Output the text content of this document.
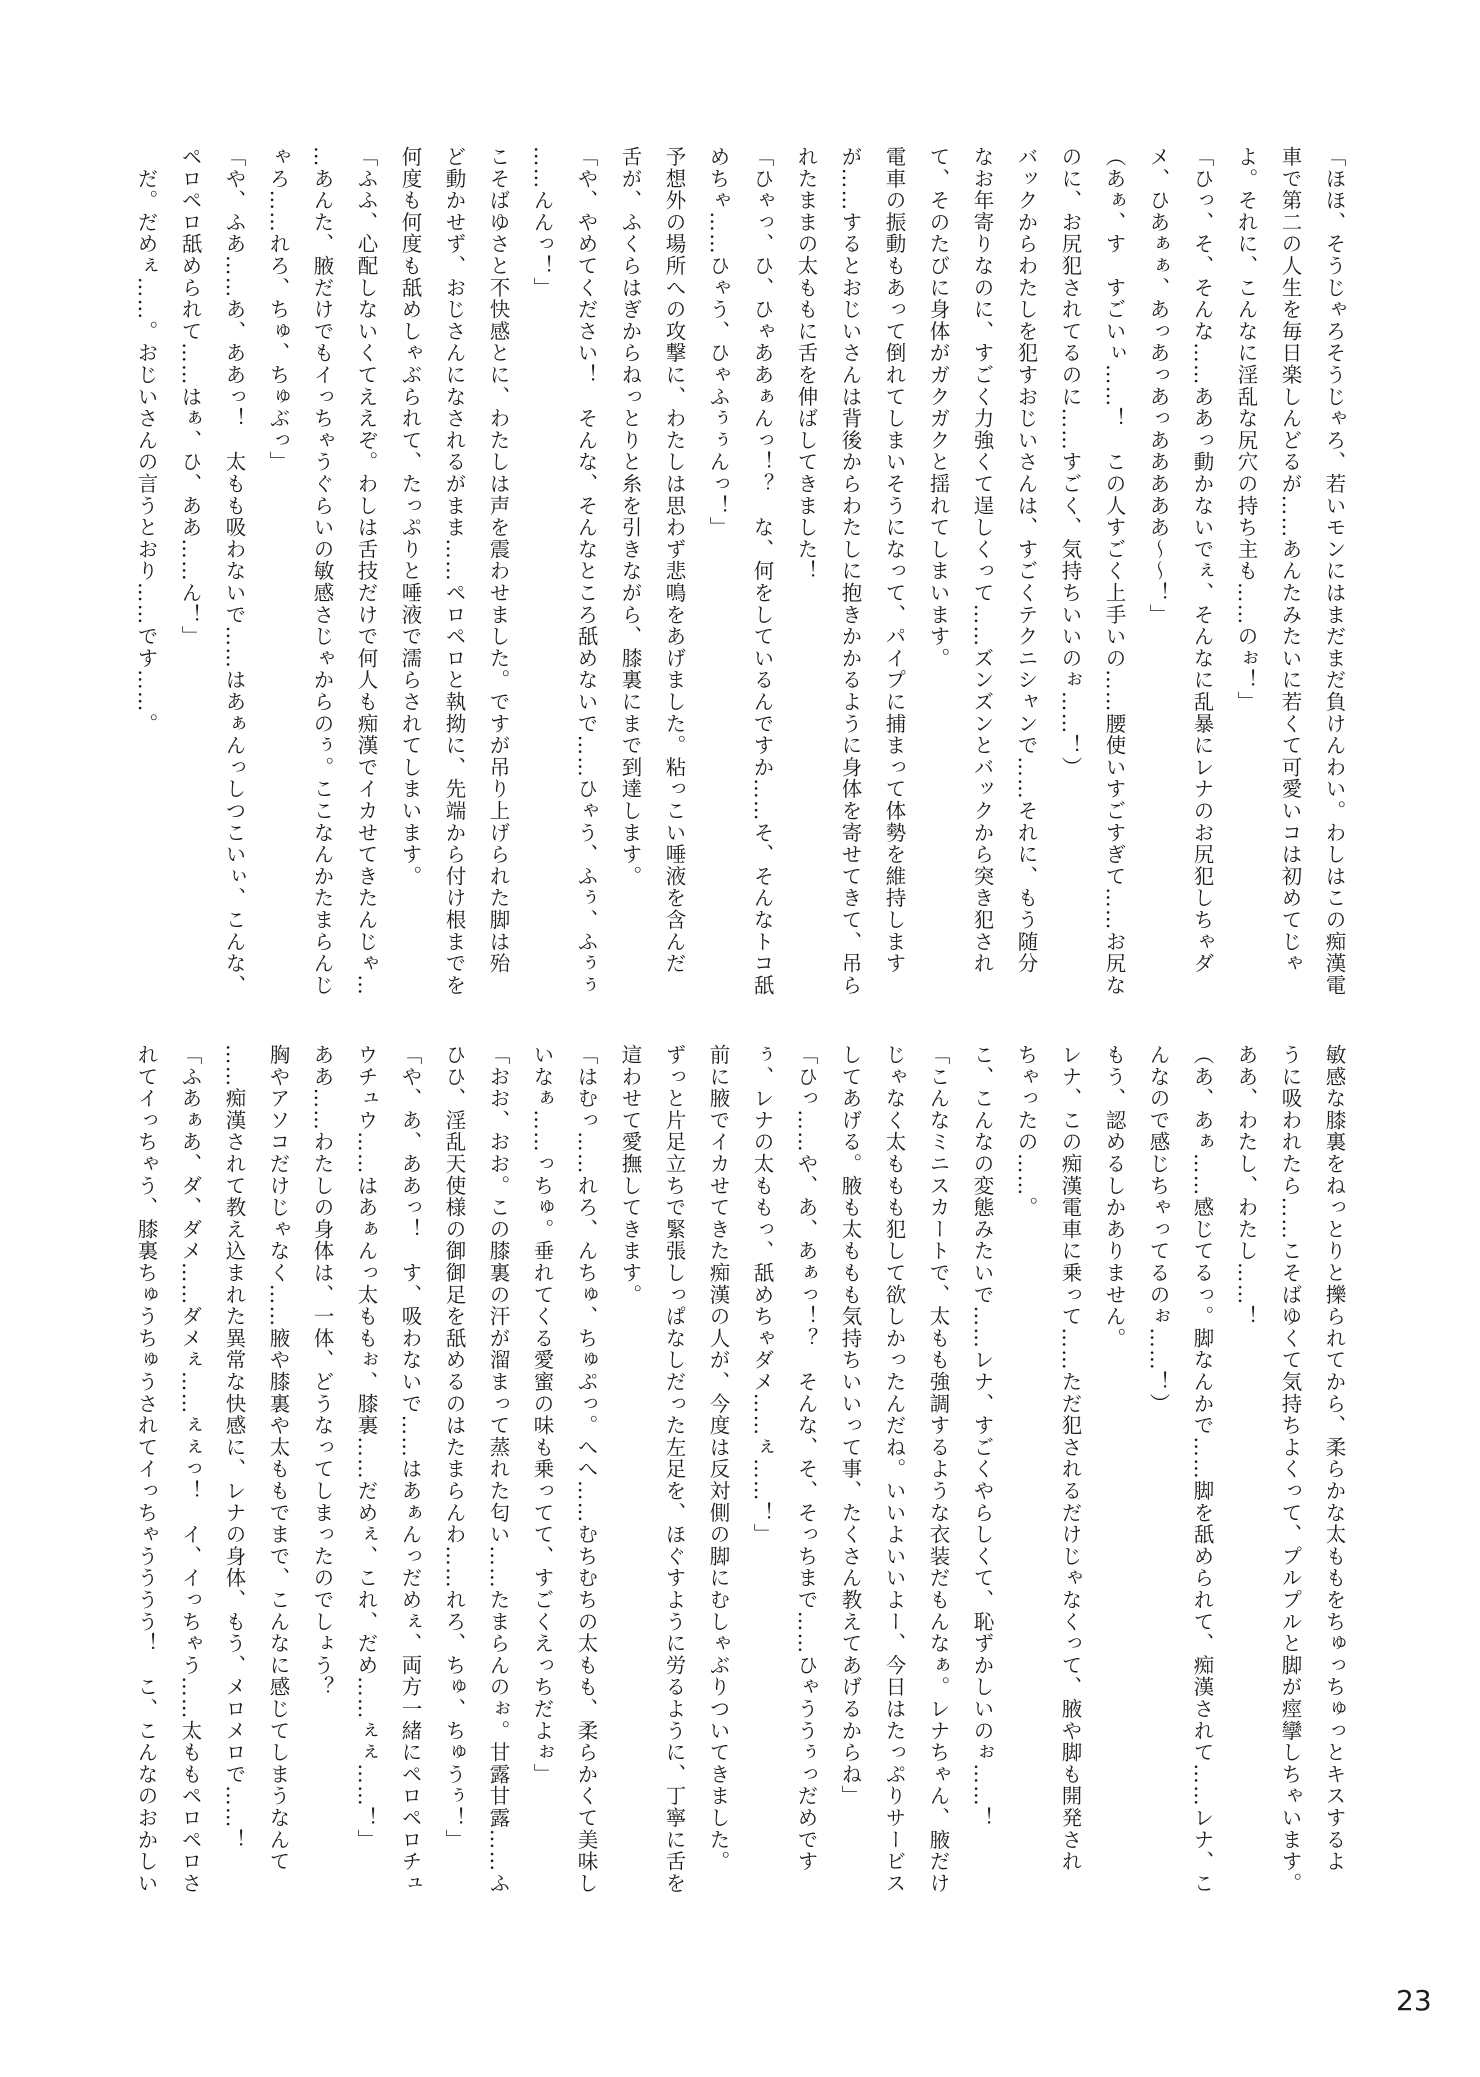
「ほほ、そうじゃろそうじゃろ、若いモンにはまだまだ負けんわい。わしはこの痴漢電

車で第二の人生を毎日楽しんどるが……あんたみたいに若くて可愛いコは初めてじゃ

よ。それに、こんなに淫乱な尻穴の持ち主も……のぉ！」

「ひっ、そ、そんな……ああっ動かないでぇ、そんなに乱暴にレナのお尻犯しちゃダ

メ、ひあぁぁ、あっあっあっあああああ～～！」

（あぁ、す　すごいぃ……！　この人すごく上手いの……腰使いすごすぎて……お尻な

のに、お尻犯されてるのに……すごく、気持ちいいのぉ……！）

バックからわたしを犯すおじいさんは、すごくテクニシャンで……それに、もう随分

なお年寄りなのに、すごく力強くて逞しくって……ズンズンとバックから突き犯され

て、そのたびに身体がガクガクと揺れてしまいます。

電車の振動もあって倒れてしまいそうになって、パイプに捕まって体勢を維持します

が……するとおじいさんは背後からわたしに抱きかかるように身体を寄せてきて、吊ら

れたままの太ももに舌を伸ばしてきました！

「ひゃっ、ひ、ひゃああぁんっ！？　な、何をしているんですか……そ、そんなトコ舐

めちゃ……ひゃう、ひゃふぅぅんっ！」

予想外の場所への攻撃に、わたしは思わず悲鳴をあげました。粘っこい唾液を含んだ

舌が、ふくらはぎからねっとりと糸を引きながら、膝裏にまで到達します。

「や、やめてください！　そんな、そんなところ舐めないで……ひゃう、ふぅ、ふぅぅ

……んんっ！」

こそばゆさと不快感とに、わたしは声を震わせました。ですが吊り上げられた脚は殆

ど動かせず、おじさんになされるがまま……ペロペロと執拗に、先端から付け根までを

何度も何度も舐めしゃぶられて、たっぷりと唾液で濡らされてしまいます。

「ふふ、心配しないくてええぞ。わしは舌技だけで何人も痴漢でイカせてきたんじゃ…

…あんた、腋だけでもイっちゃうぐらいの敏感さじゃからのぅ。ここなんかたまらんじ

ゃろ……れろ、ちゅ、ちゅぶっ」

「や、ふあ……あ、ああっ！　太もも吸わないで……はあぁんっしつこいぃ、こんな、

ペロペロ舐められて……はぁ、ひ、ああ……ん！」

　だ。だめぇ……。おじいさんの言うとおり……です……。

敏感な膝裏をねっとりと擽られてから、柔らかな太ももをちゅっちゅっとキスするよ

うに吸われたら……こそばゆくて気持ちよくって、プルプルと脚が痙攣しちゃいます。

ああ、わたし、わたし……！

（あ、あぁ……感じてるっ。脚なんかで……脚を舐められて、痴漢されて……レナ、こ

んなので感じちゃってるのぉ……！）

もう、認めるしかありません。

レナ、この痴漢電車に乗って……ただ犯されるだけじゃなくって、腋や脚も開発され

ちゃったの……。

こ、こんなの変態みたいで……レナ、すごくやらしくて、恥ずかしいのぉ……！

「こんなミニスカートで、太もも強調するような衣装だもんなぁ。レナちゃん、腋だけ

じゃなく太ももも犯して欲しかったんだね。いいよいいよー、今日はたっぷりサービス

してあげる。腋も太ももも気持ちいいって事、たくさん教えてあげるからね」

「ひっ……や、あ、あぁっ！？　そんな、そ、そっちまで……ひゃううぅっだめです

ぅ、レナの太ももっ、舐めちゃダメ……ぇ……！」

前に腋でイカせてきた痴漢の人が、今度は反対側の脚にむしゃぶりついてきました。

ずっと片足立ちで緊張しっぱなしだった左足を、ほぐすように労るように、丁寧に舌を

這わせて愛撫してきます。

「はむっ……れろ、んちゅ、ちゅぷっ。へへ……むちむちの太もも、柔らかくて美味し

いなぁ……っちゅ。垂れてくる愛蜜の味も乗ってて、すごくえっちだよぉ」

「おお、おお。この膝裏の汗が溜まって蒸れた匂い……たまらんのぉ。甘露甘露……ふ

ひひ、淫乱天使様の御御足を舐めるのはたまらんわ……れろ、ちゅ、ちゅうぅ！」

「や、あ、ああっ！　す、吸わないで……はあぁんっだめぇ、両方一緒にペロペロチュ

ウチュウ……はあぁんっ太ももぉ、膝裏……だめぇ、これ、だめ……ぇぇ……！」

ああ……わたしの身体は、一体、どうなってしまったのでしょう？

胸やアソコだけじゃなく……腋や膝裏や太ももでまで、こんなに感じてしまうなんて

……痴漢されて教え込まれた異常な快感に、レナの身体、もう、メロメロで……！

「ふあぁあ、ダ、ダメ……ダメぇ……ぇぇっ！　イ、イっちゃう……太ももペロペロさ

れてイっちゃう、膝裏ちゅうちゅうされてイっちゃうううう！　こ、こんなのおかしい

23
